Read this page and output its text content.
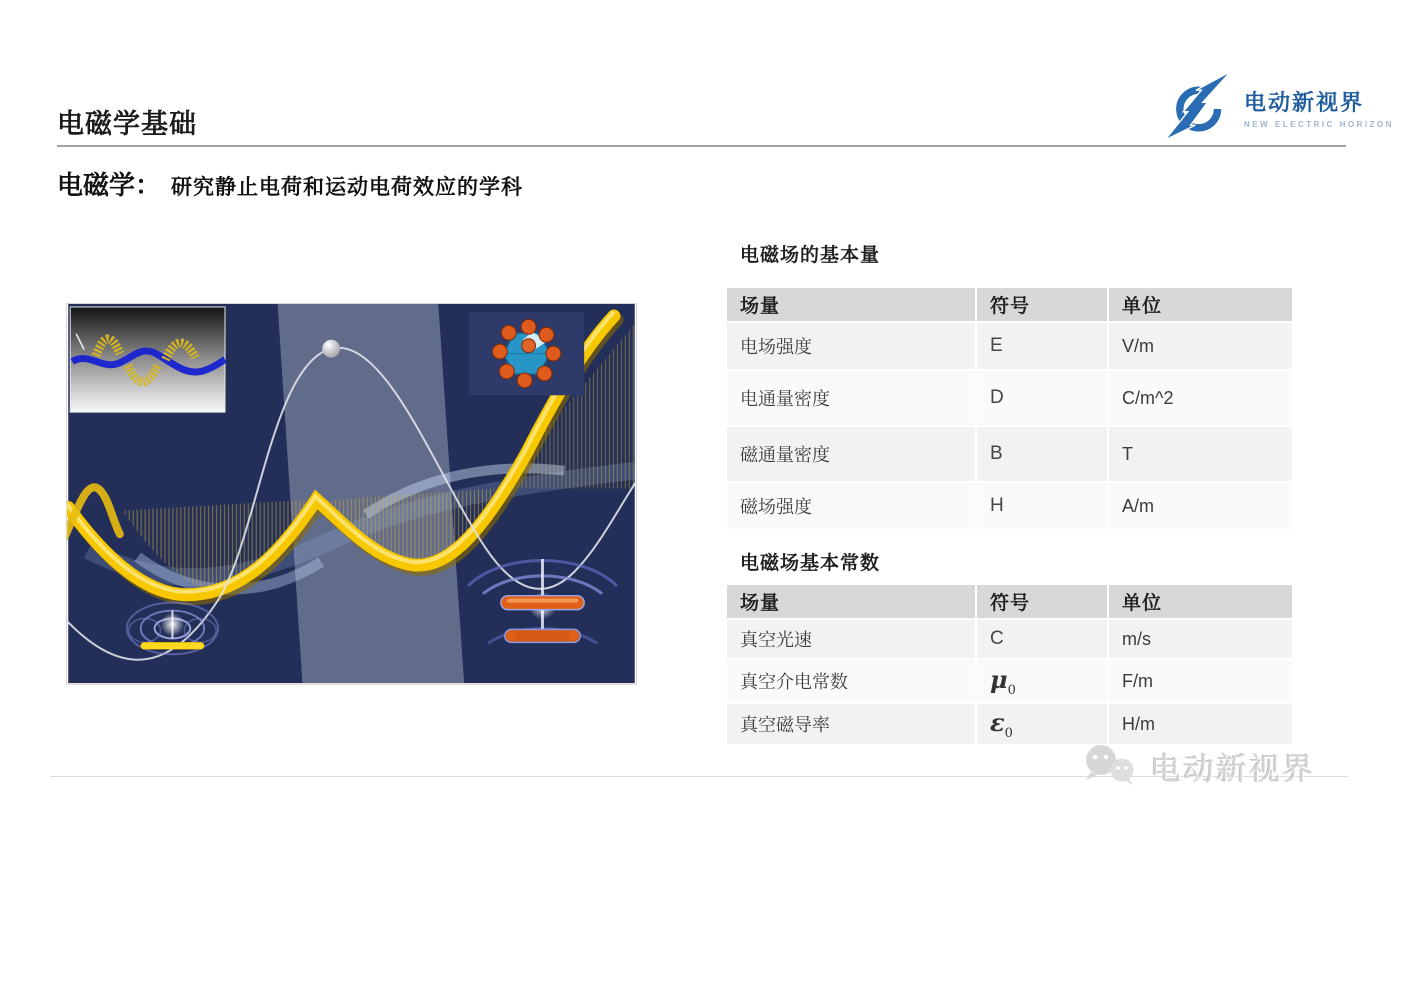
电磁学基础
电动新视界
NEW ELECTRIC HORIZON
电磁学： 研究静止电荷和运动电荷效应的学科
电磁场的基本量
场量	符号	单位
电场强度	E	V/m
电通量密度	D	C/m^2
磁通量密度	B	T
磁场强度	H	A/m
电磁场基本常数
场量	符号	单位
真空光速	C	m/s
真空介电常数	$\mu_0$	F/m
真空磁导率	$\varepsilon_0$	H/m
电动新视界
